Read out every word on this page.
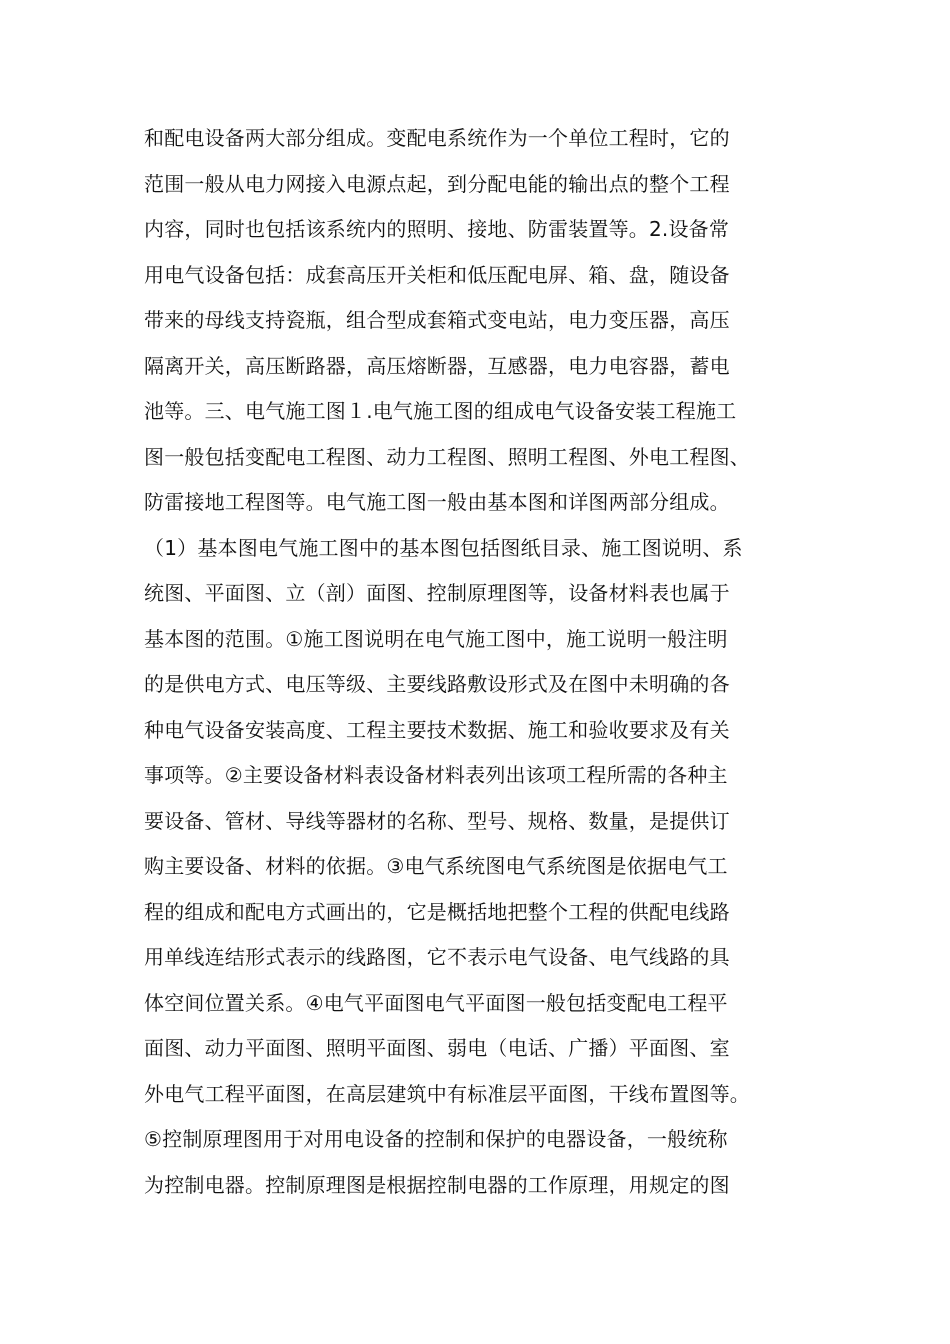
和配电设备两大部分组成。变配电系统作为一个单位工程时，它的
范围一般从电力网接入电源点起，到分配电能的输出点的整个工程
内容，同时也包括该系统内的照明、接地、防雷装置等。2.设备常
用电气设备包括：成套高压开关柜和低压配电屏、箱、盘，随设备
带来的母线支持瓷瓶，组合型成套箱式变电站，电力变压器，高压
隔离开关，高压断路器，高压熔断器，互感器，电力电容器，蓄电
池等。三、电气施工图１.电气施工图的组成电气设备安装工程施工
图一般包括变配电工程图、动力工程图、照明工程图、外电工程图、
防雷接地工程图等。电气施工图一般由基本图和详图两部分组成。
（1）基本图电气施工图中的基本图包括图纸目录、施工图说明、系
统图、平面图、立（剖）面图、控制原理图等，设备材料表也属于
基本图的范围。①施工图说明在电气施工图中，施工说明一般注明
的是供电方式、电压等级、主要线路敷设形式及在图中未明确的各
种电气设备安装高度、工程主要技术数据、施工和验收要求及有关
事项等。②主要设备材料表设备材料表列出该项工程所需的各种主
要设备、管材、导线等器材的名称、型号、规格、数量，是提供订
购主要设备、材料的依据。③电气系统图电气系统图是依据电气工
程的组成和配电方式画出的，它是概括地把整个工程的供配电线路
用单线连结形式表示的线路图，它不表示电气设备、电气线路的具
体空间位置关系。④电气平面图电气平面图一般包括变配电工程平
面图、动力平面图、照明平面图、弱电（电话、广播）平面图、室
外电气工程平面图，在高层建筑中有标准层平面图，干线布置图等。
⑤控制原理图用于对用电设备的控制和保护的电器设备，一般统称
为控制电器。控制原理图是根据控制电器的工作原理，用规定的图
